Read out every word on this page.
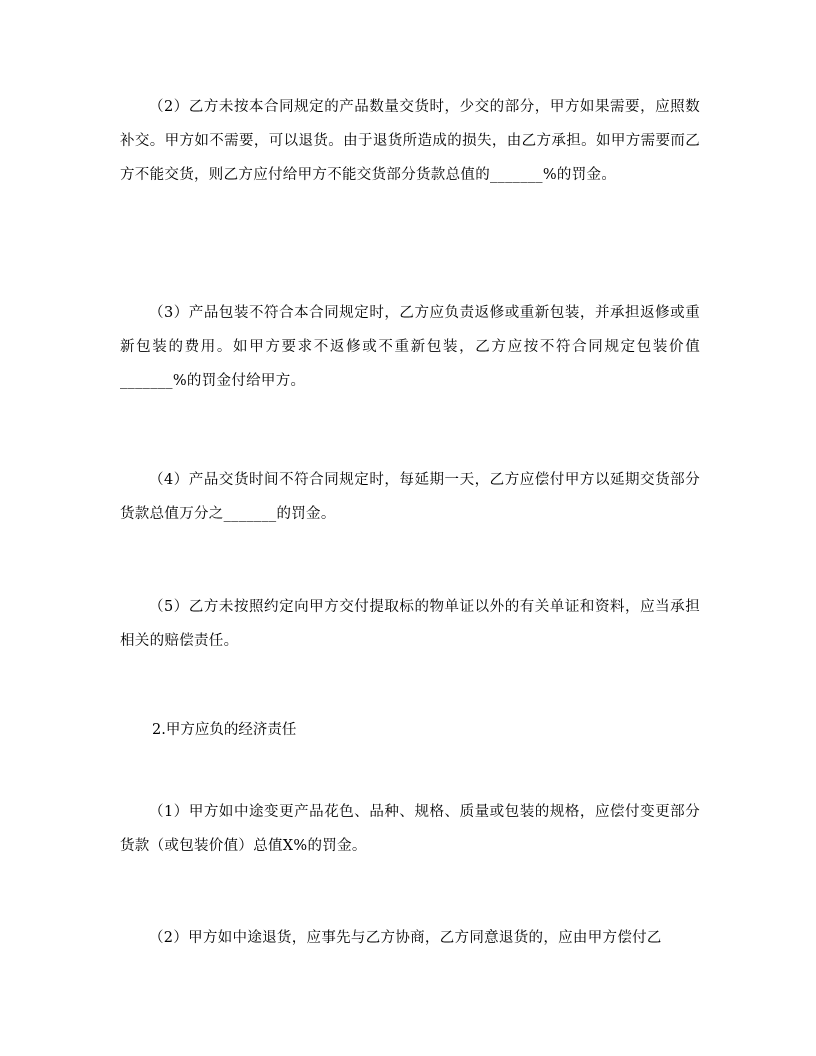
（2）乙方未按本合同规定的产品数量交货时，少交的部分，甲方如果需要，应照数补交。甲方如不需要，可以退货。由于退货所造成的损失，由乙方承担。如甲方需要而乙方不能交货，则乙方应付给甲方不能交货部分货款总值的_______%的罚金。

（3）产品包装不符合本合同规定时，乙方应负责返修或重新包装，并承担返修或重新包装的费用。如甲方要求不返修或不重新包装，乙方应按不符合同规定包装价值_______%的罚金付给甲方。

（4）产品交货时间不符合同规定时，每延期一天，乙方应偿付甲方以延期交货部分货款总值万分之_______的罚金。

（5）乙方未按照约定向甲方交付提取标的物单证以外的有关单证和资料，应当承担相关的赔偿责任。

2.甲方应负的经济责任

（1）甲方如中途变更产品花色、品种、规格、质量或包装的规格，应偿付变更部分货款（或包装价值）总值X%的罚金。

（2）甲方如中途退货，应事先与乙方协商，乙方同意退货的，应由甲方偿付乙
